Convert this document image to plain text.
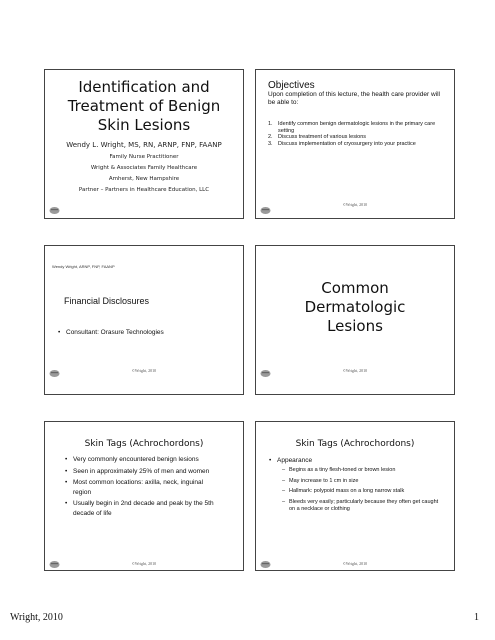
Identification and Treatment of Benign Skin Lesions
Wendy L. Wright, MS, RN, ARNP, FNP, FAANP
Family Nurse Practitioner
Wright & Associates Family Healthcare
Amherst, New Hampshire
Partner – Partners in Healthcare Education, LLC
Objectives
Upon completion of this lecture, the health care provider will be able to:
1. Identify common benign dermatologic lesions in the primary care setting
2. Discuss treatment of various lesions
3. Discuss implementation of cryosurgery into your practice
©Wright, 2010
Wendy Wright, ARNP, FNP, FAANP
Financial Disclosures
• Consultant: Orasure Technologies
©Wright, 2010
Common Dermatologic Lesions
©Wright, 2010
Skin Tags (Achrochordons)
• Very commonly encountered benign lesions
• Seen in approximately 25% of men and women
• Most common locations: axilla, neck, inguinal region
• Usually begin in 2nd decade and peak by the 5th decade of life
©Wright, 2010
Skin Tags (Achrochordons)
• Appearance
– Begins as a tiny flesh-toned or brown lesion
– May increase to 1 cm in size
– Hallmark: polypoid mass on a long narrow stalk
– Bleeds very easily; particularly because they often get caught on a necklace or clothing
©Wright, 2010
Wright, 2010	1
